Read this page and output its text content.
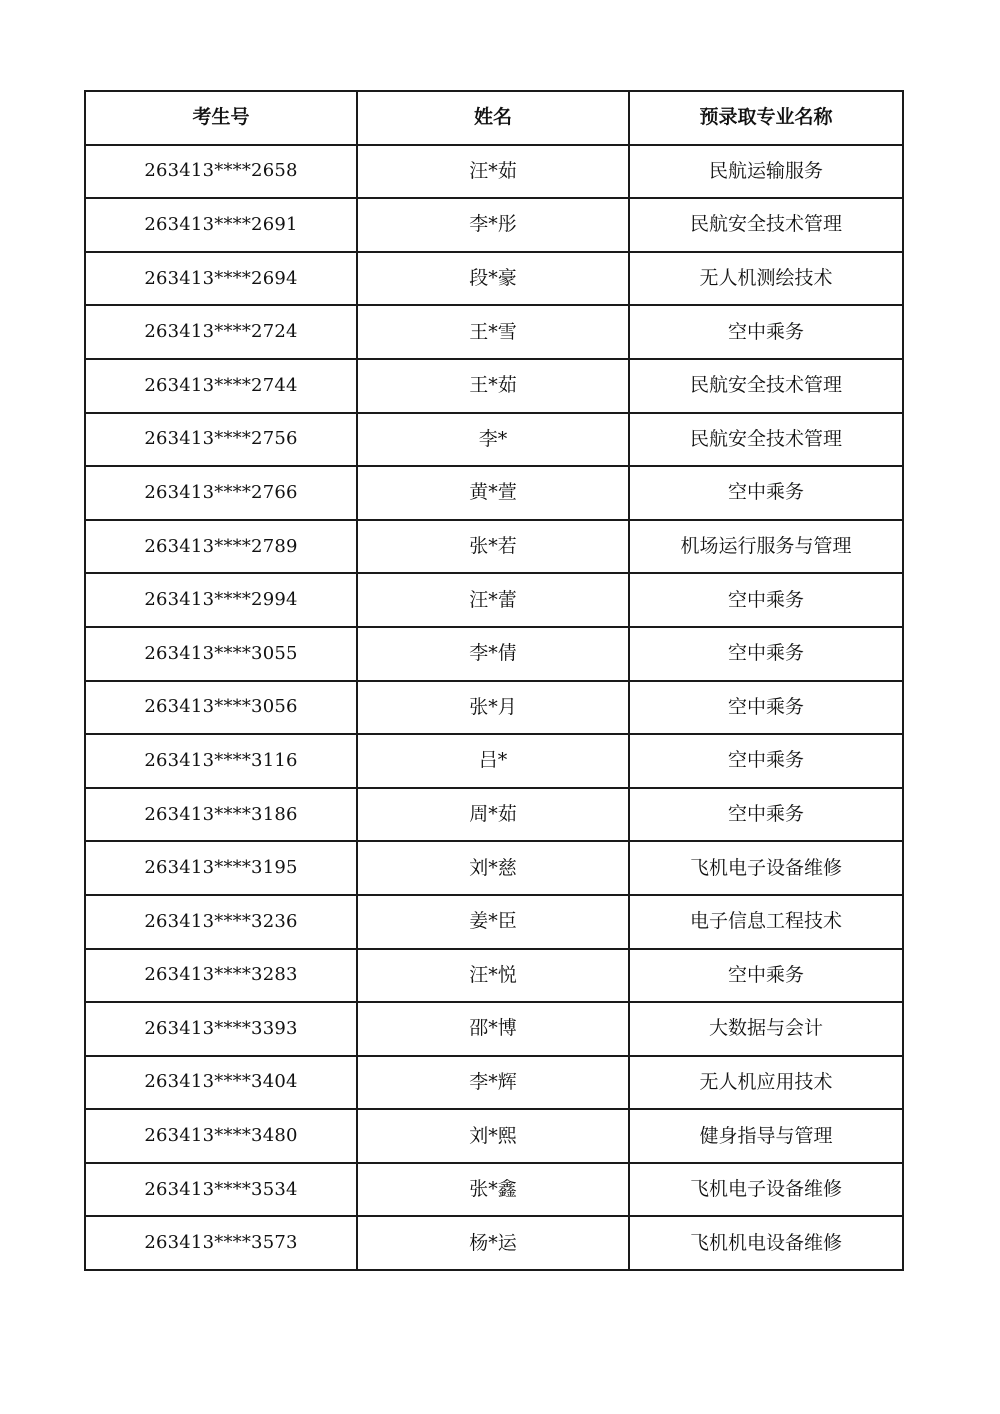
考生号	姓名	预录取专业名称
263413****2658	汪*茹	民航运输服务
263413****2691	李*彤	民航安全技术管理
263413****2694	段*豪	无人机测绘技术
263413****2724	王*雪	空中乘务
263413****2744	王*茹	民航安全技术管理
263413****2756	李*	民航安全技术管理
263413****2766	黄*萱	空中乘务
263413****2789	张*若	机场运行服务与管理
263413****2994	汪*蕾	空中乘务
263413****3055	李*倩	空中乘务
263413****3056	张*月	空中乘务
263413****3116	吕*	空中乘务
263413****3186	周*茹	空中乘务
263413****3195	刘*慈	飞机电子设备维修
263413****3236	姜*臣	电子信息工程技术
263413****3283	汪*悦	空中乘务
263413****3393	邵*博	大数据与会计
263413****3404	李*辉	无人机应用技术
263413****3480	刘*熙	健身指导与管理
263413****3534	张*鑫	飞机电子设备维修
263413****3573	杨*运	飞机机电设备维修
